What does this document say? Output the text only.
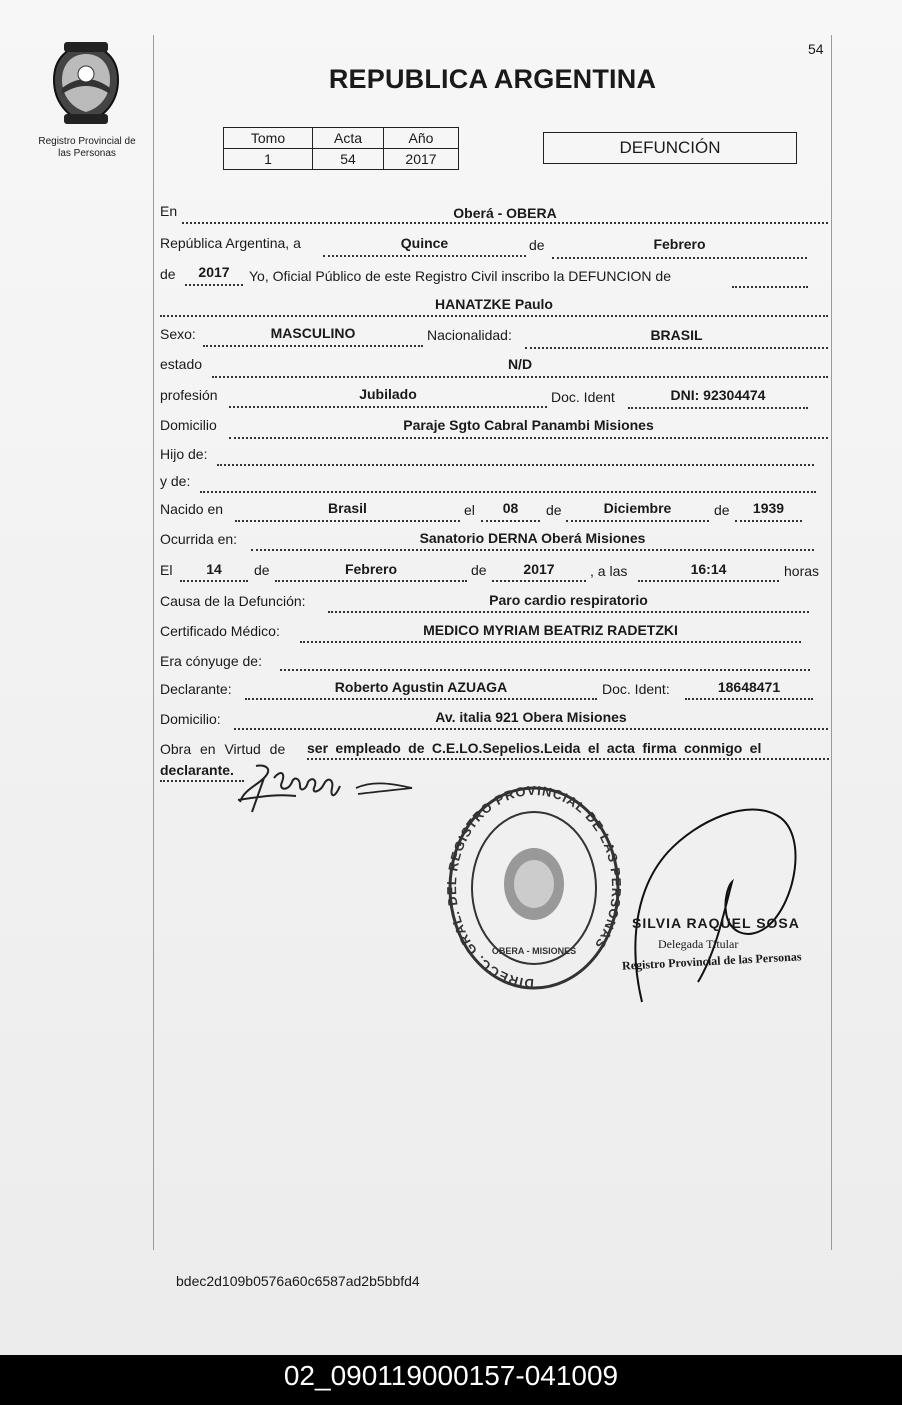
54
Registro Provincial de
las Personas
REPUBLICA ARGENTINA
Tomo	Acta	Año
1	54	2017
DEFUNCIÓN
En	Oberá - OBERA
República Argentina, a	Quince	de	Febrero
de	2017	Yo, Oficial Público de este Registro Civil inscribo la DEFUNCION de
HANATZKE Paulo
Sexo:	MASCULINO	Nacionalidad:	BRASIL
estado	N/D
profesión	Jubilado	Doc. Ident	DNI: 92304474
Domicilio	Paraje Sgto Cabral Panambi Misiones
Hijo de:
y de:
Nacido en	Brasil	el	08	de	Diciembre	de	1939
Ocurrida en:	Sanatorio DERNA Oberá Misiones
El	14	de	Febrero	de	2017	, a las	16:14	horas
Causa de la Defunción:	Paro cardio respiratorio
Certificado Médico:	MEDICO MYRIAM BEATRIZ RADETZKI
Era cónyuge de:
Declarante:	Roberto Agustin AZUAGA	Doc. Ident:	18648471
Domicilio:	Av. italia 921 Obera Misiones
Obra en Virtud de ser empleado de C.E.LO.Sepelios.Leida el acta firma conmigo el
declarante.
DIRECC. GRAL. DEL REGISTRO PROVINCIAL DE LAS PERSONAS
OBERA - MISIONES
SILVIA RAQUEL SOSA
Delegada Titular
Registro Provincial de las Personas
bdec2d109b0576a60c6587ad2b5bbfd4
02_090119000157-041009
